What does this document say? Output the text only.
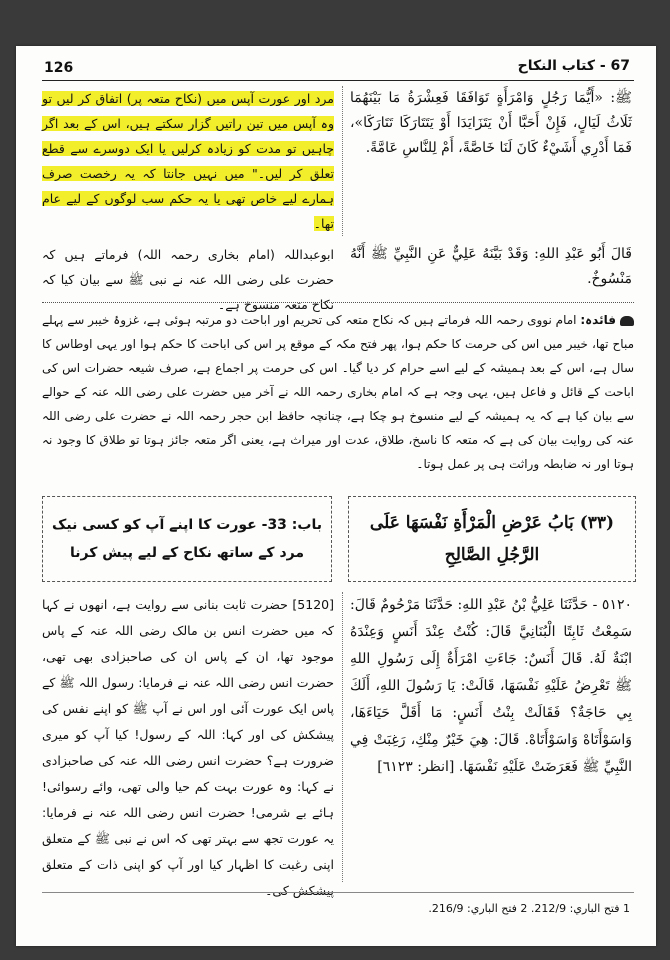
126	67 - كتاب النكاح
مرد اور عورت آپس میں (نکاح متعہ پر) اتفاق کر لیں تو وہ آپس میں تین راتیں گزار سکتے ہیں، اس کے بعد اگر چاہیں تو مدت کو زیادہ کرلیں یا ایک دوسرے سے قطع تعلق کر لیں۔" میں نہیں جانتا کہ یہ رخصت صرف ہمارے لیے خاص تھی یا یہ حکم سب لوگوں کے لیے عام تھا۔
ﷺ: «أَيُّمَا رَجُلٍ وَامْرَأَةٍ تَوَافَقَا فَعِشْرَةُ مَا بَيْنَهُمَا ثَلَاثُ لَيَالٍ، فَإِنْ أَحَبَّا أَنْ يَتَزَايَدَا أَوْ يَتَتَارَكَا تَتَارَكَا»، فَمَا أَدْرِي أَشَيْءٌ كَانَ لَنَا خَاصَّةً، أَمْ لِلنَّاسِ عَامَّةً.
ابوعبداللہ (امام بخاری رحمہ اللہ) فرماتے ہیں کہ حضرت علی رضی اللہ عنہ نے نبی ﷺ سے بیان کیا کہ نکاح متعہ منسوخ ہے۔
قَالَ أَبُو عَبْدِ اللهِ: وَقَدْ بَيَّنَهُ عَلِيٌّ عَنِ النَّبِيِّ ﷺ أَنَّهُ مَنْسُوخٌ.
فائدہ: امام نووی رحمہ اللہ فرماتے ہیں کہ نکاح متعہ کی تحریم اور اباحت دو مرتبہ ہوئی ہے، غزوۂ خیبر سے پہلے مباح تھا، خیبر میں اس کی حرمت کا حکم ہوا، پھر فتح مکہ کے موقع پر اس کی اباحت کا حکم ہوا اور یہی اوطاس کا سال ہے، اس کے بعد ہمیشہ کے لیے اسے حرام کر دیا گیا۔ اس کی حرمت پر اجماع ہے، صرف شیعہ حضرات اس کی اباحت کے قائل و فاعل ہیں، یہی وجہ ہے کہ امام بخاری رحمہ اللہ نے آخر میں حضرت علی رضی اللہ عنہ کے حوالے سے بیان کیا ہے کہ یہ ہمیشہ کے لیے منسوخ ہو چکا ہے، چنانچہ حافظ ابن حجر رحمہ اللہ نے حضرت علی رضی اللہ عنہ کی روایت بیان کی ہے کہ متعہ کا ناسخ، طلاق، عدت اور میراث ہے، یعنی اگر متعہ جائز ہوتا تو طلاق کا وجود نہ ہوتا اور نہ ضابطہ وراثت ہی پر عمل ہوتا۔
باب: 33- عورت کا اپنے آپ کو کسی نیک مرد کے ساتھ نکاح کے لیے پیش کرنا
(٣٣) بَابُ عَرْضِ الْمَرْأَةِ نَفْسَهَا عَلَى الرَّجُلِ الصَّالِحِ
[5120] حضرت ثابت بنانی سے روایت ہے، انھوں نے کہا کہ میں حضرت انس بن مالک رضی اللہ عنہ کے پاس موجود تھا، ان کے پاس ان کی صاحبزادی بھی تھی، حضرت انس رضی اللہ عنہ نے فرمایا: رسول اللہ ﷺ کے پاس ایک عورت آئی اور اس نے آپ ﷺ کو اپنے نفس کی پیشکش کی اور کہا: اللہ کے رسول! کیا آپ کو میری ضرورت ہے؟ حضرت انس رضی اللہ عنہ کی صاحبزادی نے کہا: وہ عورت بہت کم حیا والی تھی، وائے رسوائی! ہائے بے شرمی! حضرت انس رضی اللہ عنہ نے فرمایا: یہ عورت تجھ سے بہتر تھی کہ اس نے نبی ﷺ کے متعلق اپنی رغبت کا اظہار کیا اور آپ کو اپنی ذات کے متعلق پیشکش کی۔
٥١٢٠ - حَدَّثَنَا عَلِيُّ بْنُ عَبْدِ اللهِ: حَدَّثَنَا مَرْحُومٌ قَالَ: سَمِعْتُ ثَابِتًا الْبُنَانِيَّ قَالَ: كُنْتُ عِنْدَ أَنَسٍ وَعِنْدَهُ ابْنَةٌ لَهُ. قَالَ أَنَسٌ: جَاءَتِ امْرَأَةٌ إِلَى رَسُولِ اللهِ ﷺ تَعْرِضُ عَلَيْهِ نَفْسَهَا، قَالَتْ: يَا رَسُولَ اللهِ، أَلَكَ بِي حَاجَةٌ؟ فَقَالَتْ بِنْتُ أَنَسٍ: مَا أَقَلَّ حَيَاءَهَا، وَاسَوْأَتَاهْ وَاسَوْأَتَاهْ. قَالَ: هِيَ خَيْرٌ مِنْكِ، رَغِبَتْ فِي النَّبِيِّ ﷺ فَعَرَضَتْ عَلَيْهِ نَفْسَهَا. [انظر: ٦١٢٣]
1 فتح الباري: 212/9. 2 فتح الباري: 216/9.
